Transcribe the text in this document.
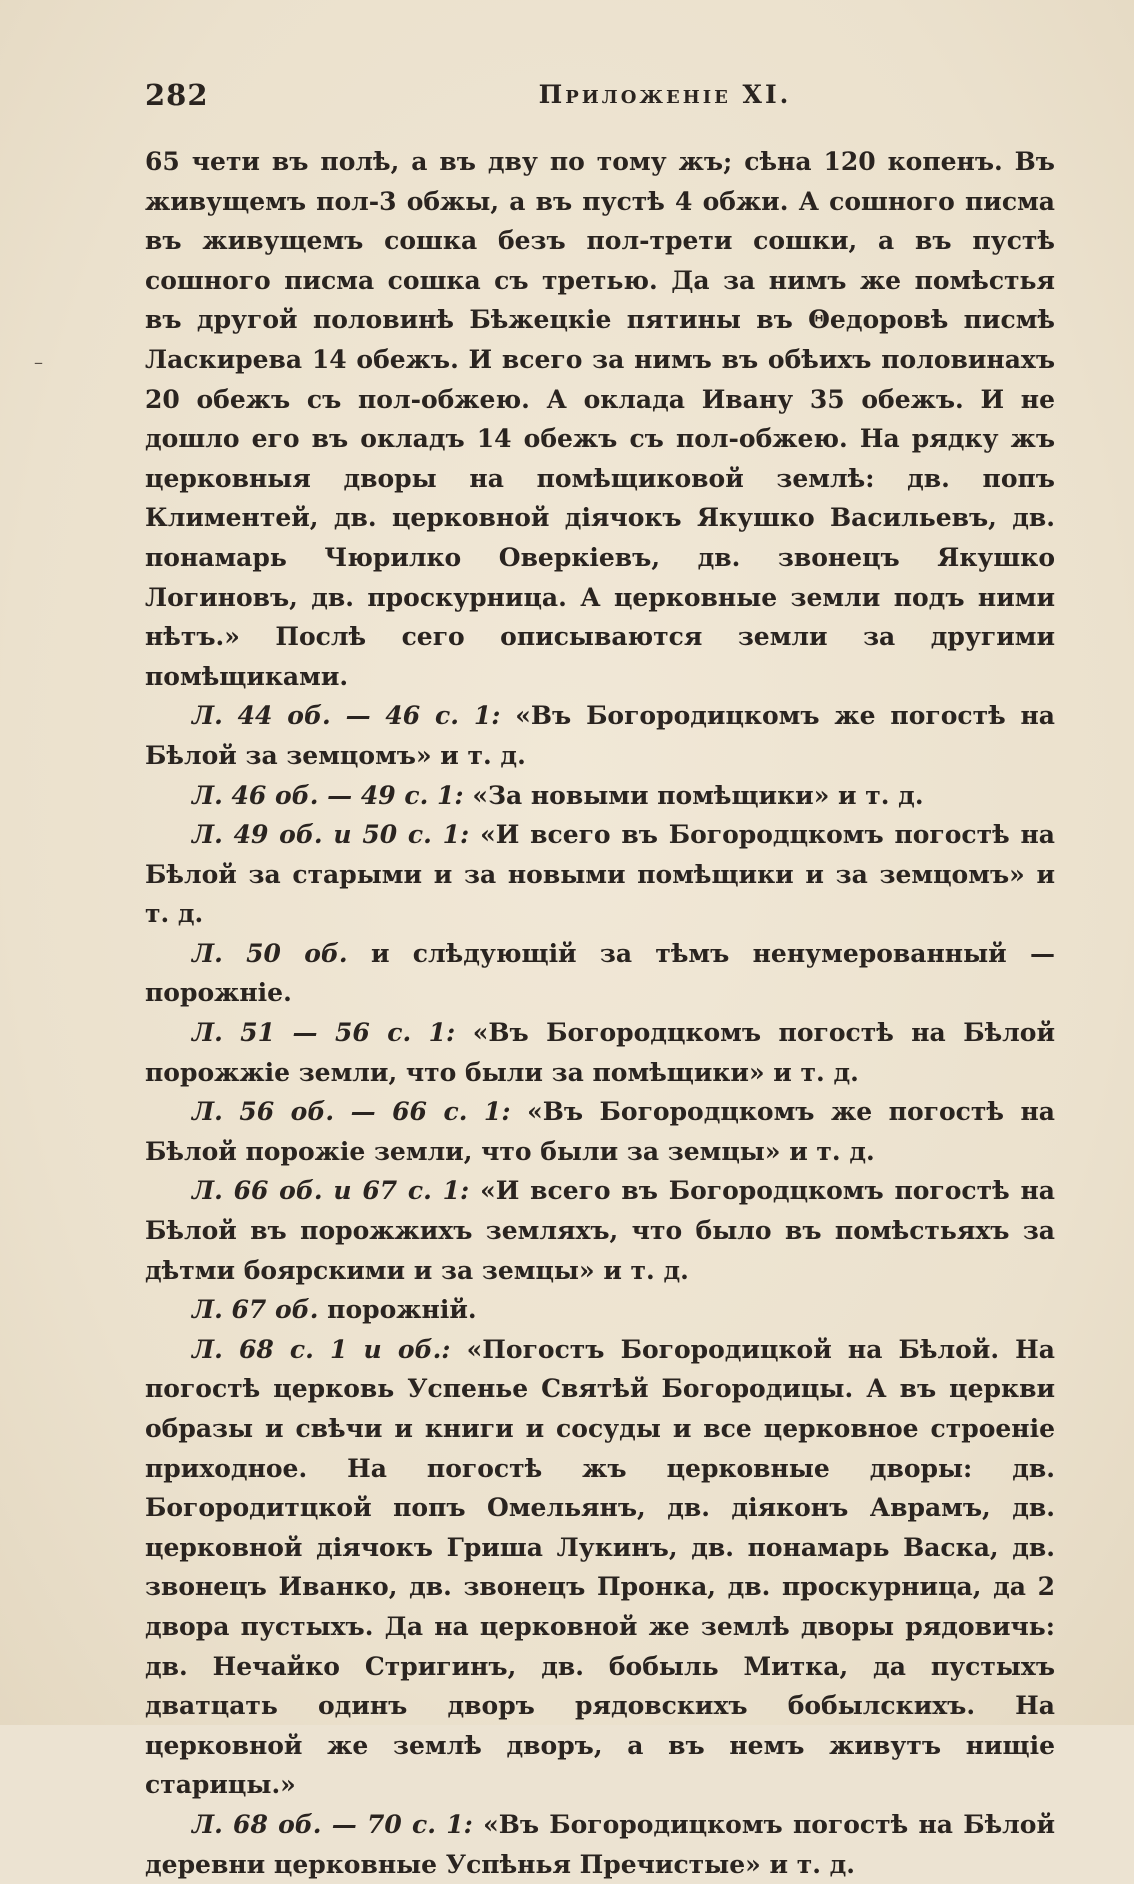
282	Приложеніе XI.
–

65 чети въ полѣ, а въ дву по тому жъ; сѣна 120 копенъ. Въ живущемъ пол-3 обжы, а въ пустѣ 4 обжи. А сошного писма въ живущемъ сошка безъ пол-трети сошки, а въ пустѣ сошного писма сошка съ третью. Да за нимъ же помѣстья въ другой половинѣ Бѣжецкiе пятины въ Θедоровѣ писмѣ Ласкирева 14 обежъ. И всего за нимъ въ обѣихъ половинахъ 20 обежъ съ пол-обжею. А оклада Ивану 35 обежъ. И не дошло его въ окладъ 14 обежъ съ пол-обжею. На рядку жъ церковныя дворы на помѣщиковой землѣ: дв. попъ Климентей, дв. церковной дiячокъ Якушко Васильевъ, дв. понамарь Чюрилко Оверкiевъ, дв. звонецъ Якушко Логиновъ, дв. проскурница. А церковные земли подъ ними нѣтъ.» Послѣ сего описываются земли за другими помѣщиками.

Л. 44 об. — 46 с. 1: «Въ Богородицкомъ же погостѣ на Бѣлой за земцомъ» и т. д.

Л. 46 об. — 49 с. 1: «За новыми помѣщики» и т. д.

Л. 49 об. и 50 с. 1: «И всего въ Богородцкомъ погостѣ на Бѣлой за старыми и за новыми помѣщики и за земцомъ» и т. д.

Л. 50 об. и слѣдующiй за тѣмъ ненумерованный — порожнiе.

Л. 51 — 56 с. 1: «Въ Богородцкомъ погостѣ на Бѣлой порожжiе земли, что были за помѣщики» и т. д.

Л. 56 об. — 66 с. 1: «Въ Богородцкомъ же погостѣ на Бѣлой порожiе земли, что были за земцы» и т. д.

Л. 66 об. и 67 с. 1: «И всего въ Богородцкомъ погостѣ на Бѣлой въ порожжихъ земляхъ, что было въ помѣстьяхъ за дѣтми боярскими и за земцы» и т. д.

Л. 67 об. порожнiй.

Л. 68 с. 1 и об.: «Погостъ Богородицкой на Бѣлой. На погостѣ церковь Успенье Святѣй Богородицы. А въ церкви образы и свѣчи и книги и сосуды и все церковное строенiе приходное. На погостѣ жъ церковные дворы: дв. Богородитцкой попъ Омельянъ, дв. дiяконъ Аврамъ, дв. церковной дiячокъ Гриша Лукинъ, дв. понамарь Васка, дв. звонецъ Иванко, дв. звонецъ Пронка, дв. проскурница, да 2 двора пустыхъ. Да на церковной же землѣ дворы рядовичь: дв. Нечайко Стригинъ, дв. бобыль Митка, да пустыхъ дватцать одинъ дворъ рядовскихъ бобылскихъ. На церковной же землѣ дворъ, а въ немъ живутъ нищiе старицы.»

Л. 68 об. — 70 с. 1: «Въ Богородицкомъ погостѣ на Бѣлой деревни церковные Успѣнья Пречистые» и т. д.
